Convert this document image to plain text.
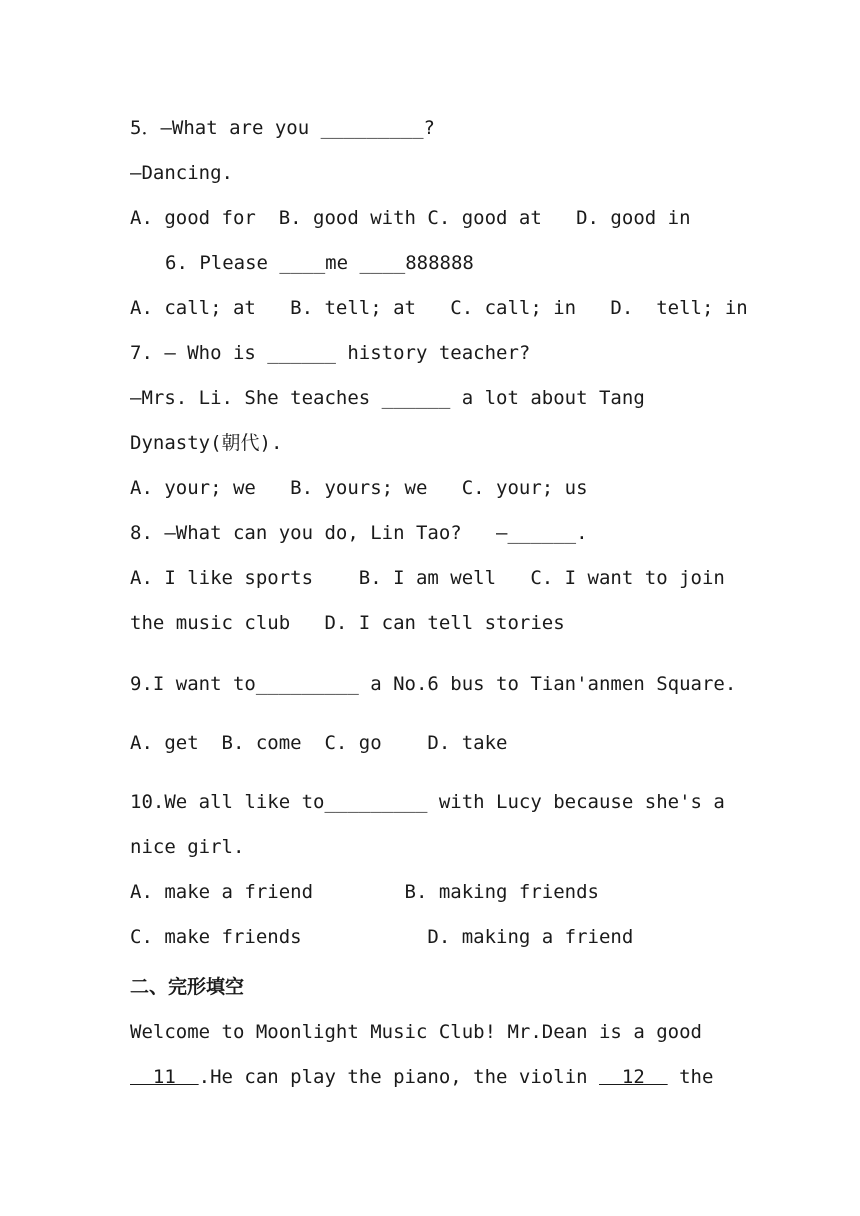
5．—What are you _________?
—Dancing.
A. good for  B. good with C. good at   D. good in
6. Please ____me ____888888
A. call; at   B. tell; at   C. call; in   D.  tell; in
7. — Who is ______ history teacher?
—Mrs. Li. She teaches ______ a lot about Tang
Dynasty(朝代).
A. your; we   B. yours; we   C. your; us
8. —What can you do, Lin Tao?   —______.
A. I like sports    B. I am well   C. I want to join
the music club   D. I can tell stories
9.I want to_________ a No.6 bus to Tian'anmen Square.
A. get  B. come  C. go    D. take
10.We all like to_________ with Lucy because she's a
nice girl.
A. make a friend        B. making friends
C. make friends           D. making a friend
二、完形填空
Welcome to Moonlight Music Club! Mr.Dean is a good
11  .He can play the piano, the violin   12   the
